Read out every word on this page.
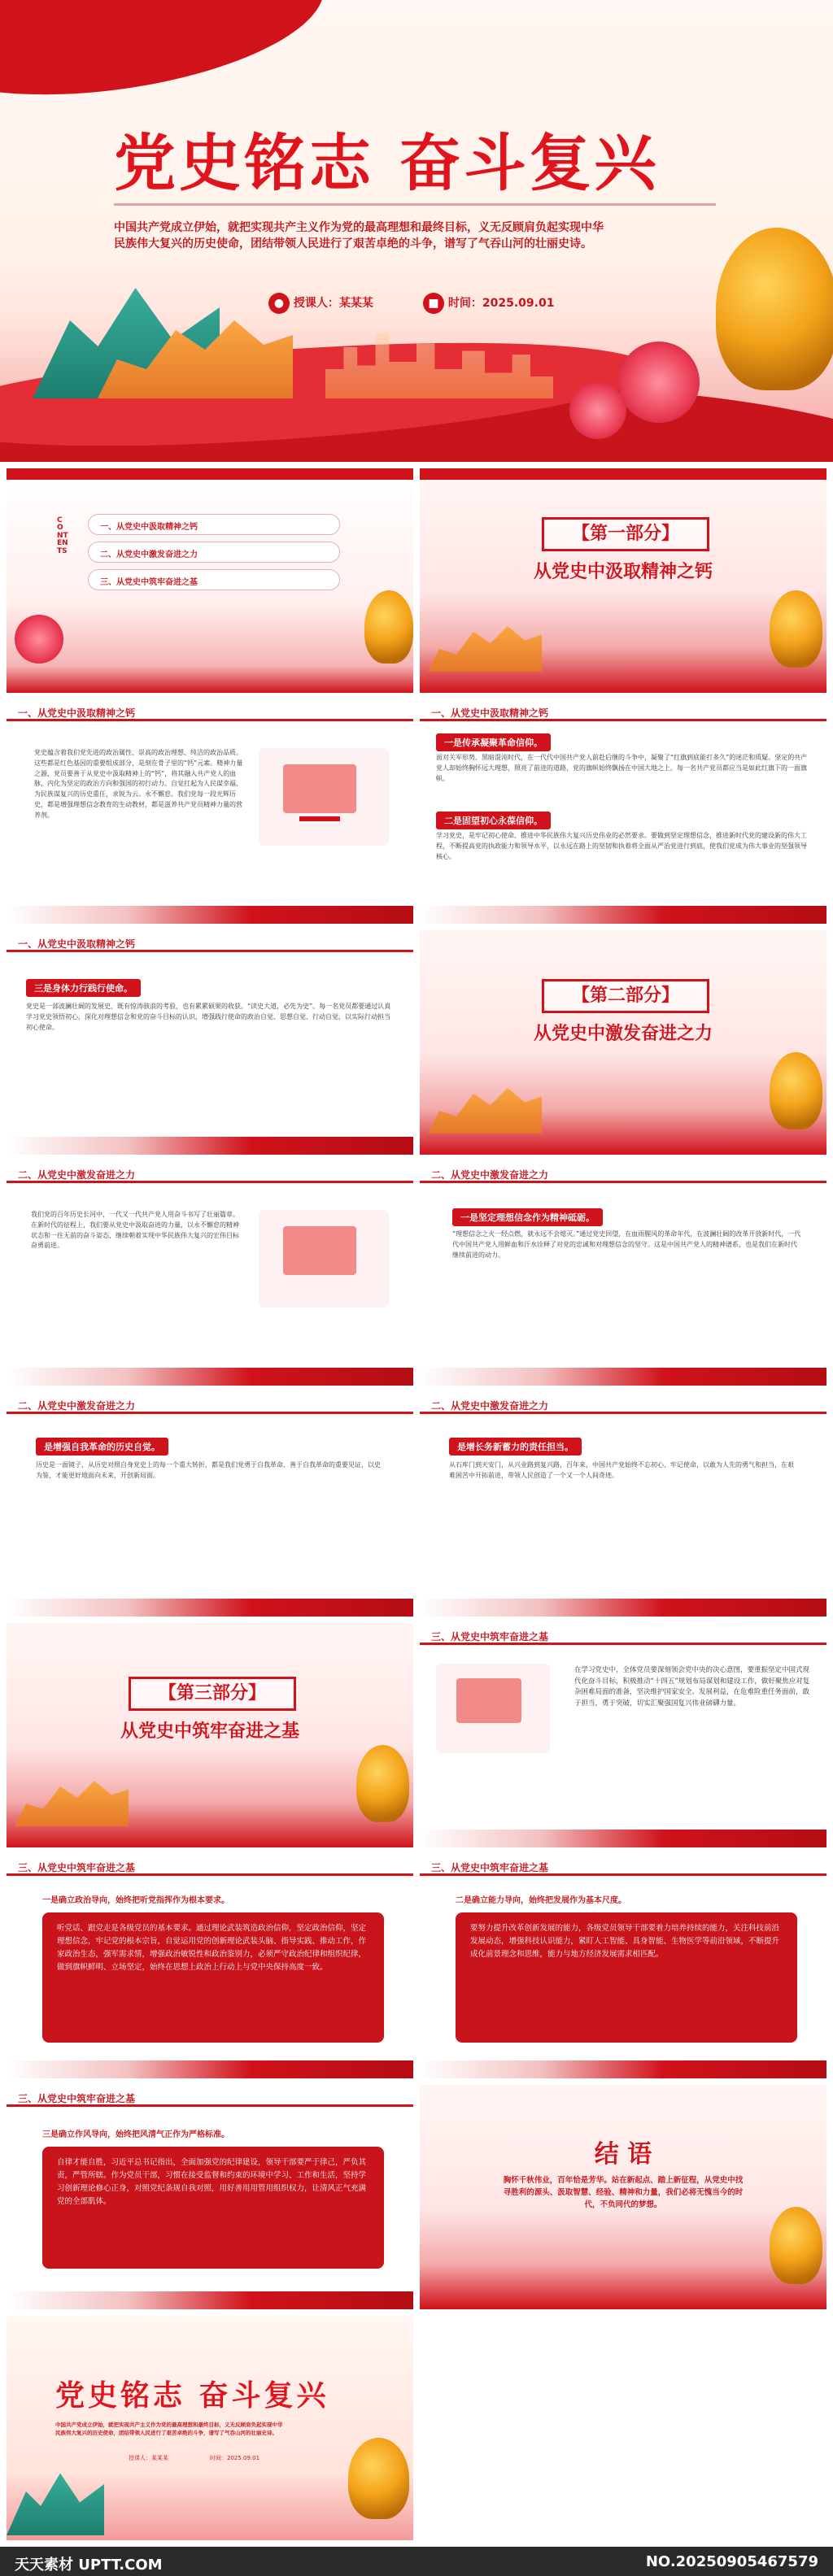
党史铭志 奋斗复兴
中国共产党成立伊始，就把实现共产主义作为党的最高理想和最终目标，义无反顾肩负起实现中华
民族伟大复兴的历史使命，团结带领人民进行了艰苦卓绝的斗争，谱写了气吞山河的壮丽史诗。
● 授课人：某某某	■ 时间：2025.09.01
CONTENTS
一、从党史中汲取精神之钙
二、从党史中激发奋进之力
三、从党史中筑牢奋进之基
【第一部分】
从党史中汲取精神之钙
一、从党史中汲取精神之钙
党史蕴含着我们党先进的政治属性、崇高的政治理想、纯洁的政治品质。这些都是红色基因的重要组成部分，是刻在骨子里的“钙”元素。精神力量之源，党员要善于从党史中汲取精神上的“钙”，将其融入共产党人的血脉，内化为坚定的政治方向和强国的初行动力。自觉扛起为人民谋幸福、为民族谋复兴的历史重任，求锐为云。永不懈怠。我们党每一段光辉历史，都是增强理想信念教育的生动教材，都是滋养共产党员精神力量的营养剂。
一、从党史中汲取精神之钙
一是传承凝聚革命信仰。
面对关军形势、黑暗混沌时代，在一代代中国共产党人前赴后继的斗争中，凝聚了“红旗到底能打多久”的迷茫和质疑。坚定的共产党人却始终胸怀远大理想，照亮了前进的道路，党的旗帜始终飘扬在中国大地之上。每一名共产党员都应当是如此红旗下的一面旗帜。
二是固望初心永葆信仰。
学习党史，是牢记初心使命、推进中华民族伟大复兴历史伟业的必然要求。要做到坚定理想信念，推进新时代党的建设新的伟大工程，不断提高党的执政能力和领导水平，以永远在路上的坚韧和执着将全面从严治党进行到底，使我们党成为伟大事业的坚强领导核心。
一、从党史中汲取精神之钙
三是身体力行践行使命。
党史是一部波澜壮阔的发展史，既有惊涛骇浪的考验，也有累累硕果的收获。“读史大道，必先为史”。每一名党员都要通过认真学习党史领悟初心，深化对理想信念和党的奋斗目标的认识，增强践行使命的政治自觉、思想自觉、行动自觉，以实际行动担当初心使命。
【第二部分】
从党史中激发奋进之力
二、从党史中激发奋进之力
我们党的百年历史长河中，一代又一代共产党人用奋斗书写了壮丽篇章。在新时代的征程上，我们要从党史中汲取奋进的力量，以永不懈怠的精神状态和一往无前的奋斗姿态，继续朝着实现中华民族伟大复兴的宏伟目标奋勇前进。
二、从党史中激发奋进之力
一是坚定理想信念作为精神砥砺。
“理想信念之火一经点燃，就永远不会熄灭。”通过党史回望，在血雨腥风的革命年代，在波澜壮阔的改革开放新时代，一代代中国共产党人用鲜血和汗水诠释了对党的忠诚和对理想信念的坚守。这是中国共产党人的精神谱系，也是我们在新时代继续前进的动力。
二、从党史中激发奋进之力
是增强自我革命的历史自觉。
历史是一面镜子，从历史对照自身党史上的每一个重大转折，都是我们党勇于自我革命、善于自我革命的重要见证，以史为鉴，才能更好地面向未来，开创新局面。
二、从党史中激发奋进之力
是增长务新蓄力的责任担当。
从石库门到天安门，从兴业路到复兴路，百年来，中国共产党始终不忘初心、牢记使命，以敢为人先的勇气和担当，在艰难困苦中开拓前进，带领人民创造了一个又一个人间奇迹。
【第三部分】
从党史中筑牢奋进之基
三、从党史中筑牢奋进之基
在学习党史中，全体党员要深刻领会党中央的决心意图，要重振坚定中国式现代化奋斗目标，积极推动“十四五”规划布局谋划和建设工作，做好聚焦应对复杂困难局面的准备，坚决维护国家安全、发展利益，在危难险重任务面前，敢于担当，勇于突破，切实汇聚强国复兴伟业磅礴力量。
三、从党史中筑牢奋进之基
一是确立政治导向，始终把听党指挥作为根本要求。
听党话、跟党走是各级党员的基本要求。通过理论武装筑造政治信仰，坚定政治信仰，坚定理想信念，牢记党的根本宗旨，自觉运用党的创新理论武装头脑、指导实践、推动工作，作家政治生态，强军需求情，增强政治敏锐性和政治鉴别力，必须严守政治纪律和组织纪律，做到旗帜鲜明、立场坚定，始终在思想上政治上行动上与党中央保持高度一致。
三、从党史中筑牢奋进之基
二是确立能力导向，始终把发展作为基本尺度。
要努力提升改革创新发展的能力，各级党员领导干部要着力培养持续的能力，关注科技前沿发展动态，增强科技认识能力，紧盯人工智能、具身智能、生物医学等前沿领域，不断提升成化前景理念和思维，能力与地方经济发展需求相匹配。
三、从党史中筑牢奋进之基
三是确立作风导向，始终把风清气正作为严格标准。
自律才能自胜，习近平总书记指出，全面加强党的纪律建设，领导干部要严于律己，严负其责，严管所辖。作为党员干部，习惯在接受监督和约束的环境中学习、工作和生活，坚持学习创新理论修心正身，对照党纪条规自我对照，用好善用用管用组织权力，让清风正气充满党的全部肌体。
结 语
胸怀千秋伟业，百年恰是芳华。站在新起点、踏上新征程，从党史中找寻胜利的源头、汲取智慧、经验、精神和力量，我们必将无愧当今的时代，不负同代的梦想。
党史铭志 奋斗复兴
中国共产党成立伊始，就把实现共产主义作为党的最高理想和最终目标，义无反顾肩负起实现中华
民族伟大复兴的历史使命，团结带领人民进行了艰苦卓绝的斗争，谱写了气吞山河的壮丽史诗。
授课人：某某某	时间：2025.09.01
天天素材 UPTT.COM	NO.20250905467579
